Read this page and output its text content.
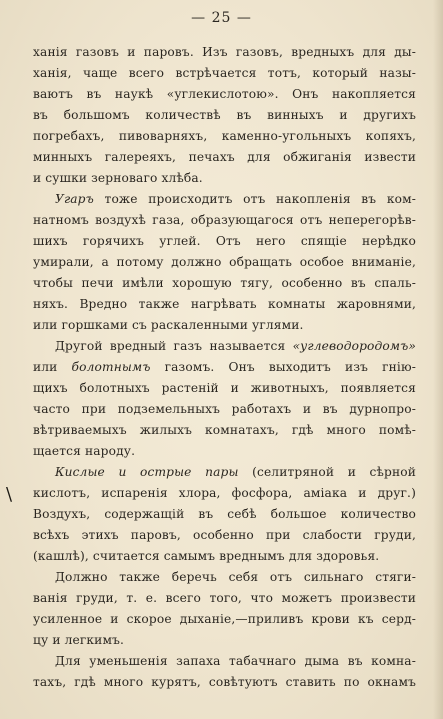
— 25 —
\
ханія газовъ и паровъ. Изъ газовъ, вредныхъ для ды-
ханія, чаще всего встрѣчается тотъ, который назы-
ваютъ въ наукѣ «углекислотою». Онъ накопляется
въ большомъ количествѣ въ винныхъ и другихъ
погребахъ, пивоварняхъ, каменно-угольныхъ копяхъ,
минныхъ галереяхъ, печахъ для обжиганія извести
и сушки зерноваго хлѣба.
Угаръ тоже происходитъ отъ накопленія въ ком-
натномъ воздухѣ газа, образующагося отъ неперегорѣв-
шихъ горячихъ углей. Отъ него спящіе нерѣдко
умирали, а потому должно обращать особое вниманіе,
чтобы печи имѣли хорошую тягу, особенно въ спаль-
няхъ. Вредно также нагрѣвать комнаты жаровнями,
или горшками съ раскаленными углями.
Другой вредный газъ называется «углеводородомъ»
или болотнымъ газомъ. Онъ выходитъ изъ гнію-
щихъ болотныхъ растеній и животныхъ, появляется
часто при подземельныхъ работахъ и въ дурнопро-
вѣтриваемыхъ жилыхъ комнатахъ, гдѣ много помѣ-
щается народу.
Кислые и острые пары (селитряной и сѣрной
кислотъ, испаренія хлора, фосфора, аміака и друг.)
Воздухъ, содержащій въ себѣ большое количество
всѣхъ этихъ паровъ, особенно при слабости груди,
(кашлѣ), считается самымъ вреднымъ для здоровья.
Должно также беречь себя отъ сильнаго стяги-
ванія груди, т. е. всего того, что можетъ произвести
усиленное и скорое дыханіе,—приливъ крови къ серд-
цу и легкимъ.
Для уменьшенія запаха табачнаго дыма въ комна-
тахъ, гдѣ много курятъ, совѣтуютъ ставить по окнамъ
